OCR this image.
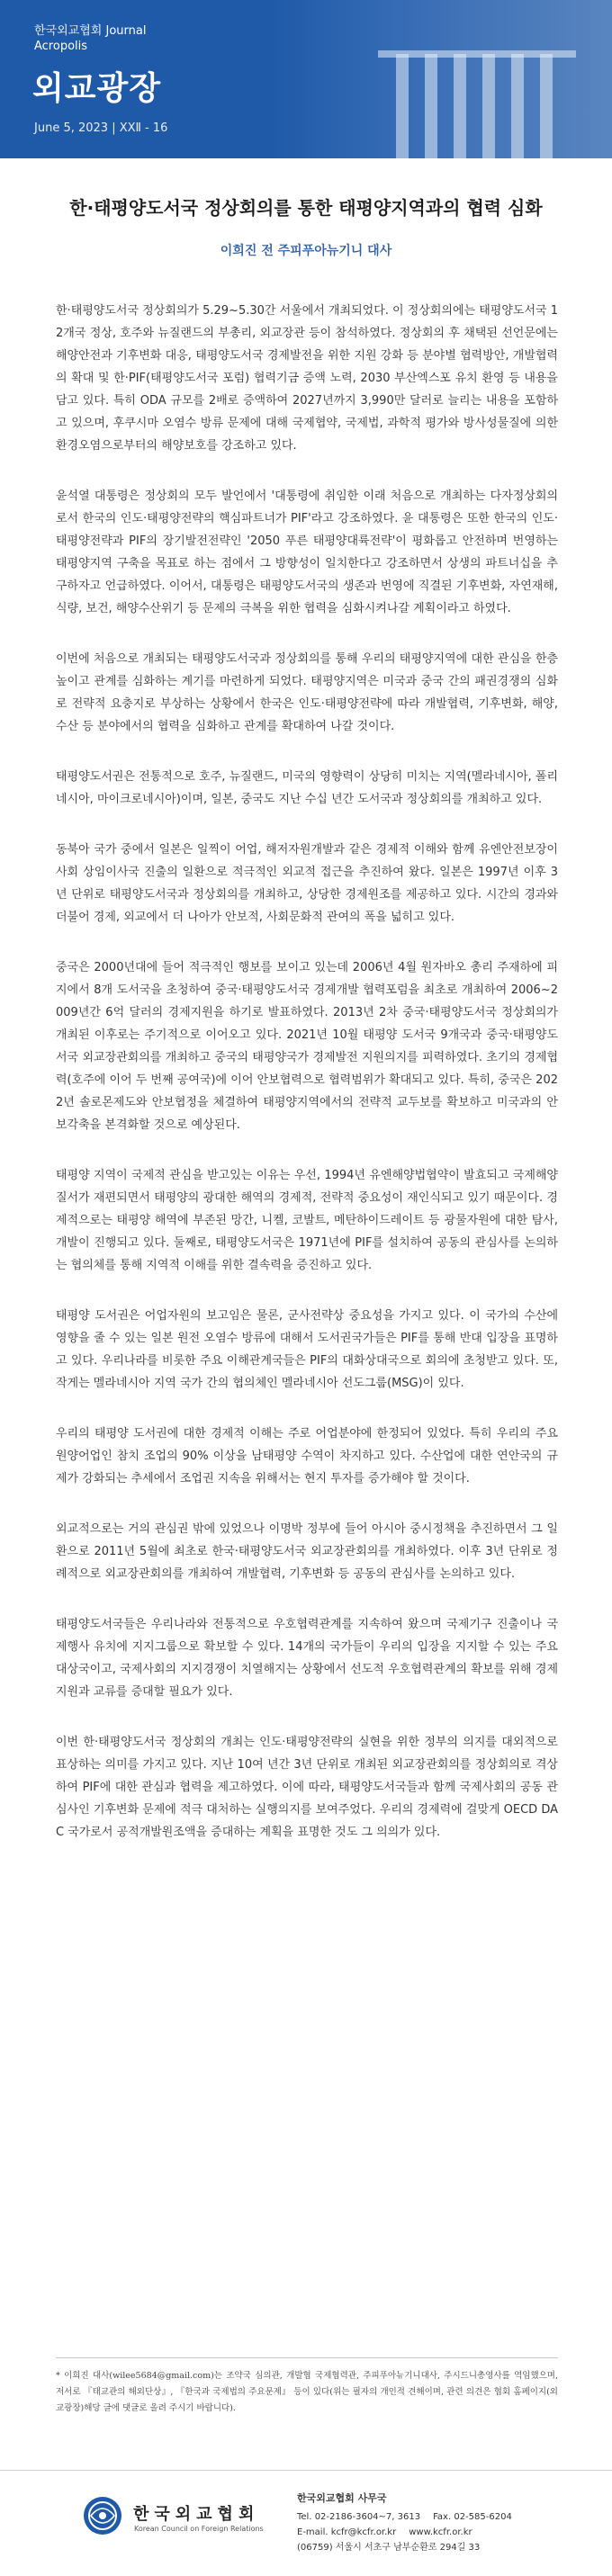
한국외교협회 Journal
Acropolis
외교광장
June 5, 2023 | XXⅡ - 16
한·태평양도서국 정상회의를 통한 태평양지역과의 협력 심화
이희진 전 주피푸아뉴기니 대사

한·태평양도서국 정상회의가 5.29~5.30간 서울에서 개최되었다. 이 정상회의에는 태평양도서국 12개국 정상, 호주와 뉴질랜드의 부총리, 외교장관 등이 참석하였다. 정상회의 후 채택된 선언문에는 해양안전과 기후변화 대응, 태평양도서국 경제발전을 위한 지원 강화 등 분야별 협력방안, 개발협력의 확대 및 한·PIF(태평양도서국 포럼) 협력기금 증액 노력, 2030 부산엑스포 유치 환영 등 내용을 담고 있다. 특히 ODA 규모를 2배로 증액하여 2027년까지 3,990만 달러로 늘리는 내용을 포함하고 있으며, 후쿠시마 오염수 방류 문제에 대해 국제협약, 국제법, 과학적 평가와 방사성물질에 의한 환경오염으로부터의 해양보호를 강조하고 있다.

윤석열 대통령은 정상회의 모두 발언에서 '대통령에 취임한 이래 처음으로 개최하는 다자정상회의로서 한국의 인도·태평양전략의 핵심파트너가 PIF'라고 강조하였다. 윤 대통령은 또한 한국의 인도·태평양전략과 PIF의 장기발전전략인 '2050 푸른 태평양대륙전략'이 평화롭고 안전하며 번영하는 태평양지역 구축을 목표로 하는 점에서 그 방향성이 일치한다고 강조하면서 상생의 파트너십을 추구하자고 언급하였다. 이어서, 대통령은 태평양도서국의 생존과 번영에 직결된 기후변화, 자연재해, 식량, 보건, 해양수산위기 등 문제의 극복을 위한 협력을 심화시켜나갈 계획이라고 하였다.

이번에 처음으로 개최되는 태평양도서국과 정상회의를 통해 우리의 태평양지역에 대한 관심을 한층 높이고 관계를 심화하는 계기를 마련하게 되었다. 태평양지역은 미국과 중국 간의 패권경쟁의 심화로 전략적 요충지로 부상하는 상황에서 한국은 인도·태평양전략에 따라 개발협력, 기후변화, 해양, 수산 등 분야에서의 협력을 심화하고 관계를 확대하여 나갈 것이다.

태평양도서권은 전통적으로 호주, 뉴질랜드, 미국의 영향력이 상당히 미치는 지역(멜라네시아, 폴리네시아, 마이크로네시아)이며, 일본, 중국도 지난 수십 년간 도서국과 정상회의를 개최하고 있다.

동북아 국가 중에서 일본은 일찍이 어업, 해저자원개발과 같은 경제적 이해와 함께 유엔안전보장이사회 상임이사국 진출의 일환으로 적극적인 외교적 접근을 추진하여 왔다. 일본은 1997년 이후 3년 단위로 태평양도서국과 정상회의를 개최하고, 상당한 경제원조를 제공하고 있다. 시간의 경과와 더불어 경제, 외교에서 더 나아가 안보적, 사회문화적 관여의 폭을 넓히고 있다.

중국은 2000년대에 들어 적극적인 행보를 보이고 있는데 2006년 4월 원자바오 총리 주재하에 피지에서 8개 도서국을 초청하여 중국·태평양도서국 경제개발 협력포럼을 최초로 개최하여 2006~2009년간 6억 달러의 경제지원을 하기로 발표하였다. 2013년 2차 중국·태평양도서국 정상회의가 개최된 이후로는 주기적으로 이어오고 있다. 2021년 10월 태평양 도서국 9개국과 중국·태평양도서국 외교장관회의를 개최하고 중국의 태평양국가 경제발전 지원의지를 피력하였다. 초기의 경제협력(호주에 이어 두 번째 공여국)에 이어 안보협력으로 협력범위가 확대되고 있다. 특히, 중국은 2022년 솔로몬제도와 안보협정을 체결하여 태평양지역에서의 전략적 교두보를 확보하고 미국과의 안보각축을 본격화할 것으로 예상된다.

태평양 지역이 국제적 관심을 받고있는 이유는 우선, 1994년 유엔해양법협약이 발효되고 국제해양질서가 재편되면서 태평양의 광대한 해역의 경제적, 전략적 중요성이 재인식되고 있기 때문이다. 경제적으로는 태평양 해역에 부존된 망간, 니켈, 코발트, 메탄하이드레이트 등 광물자원에 대한 탐사, 개발이 진행되고 있다. 둘째로, 태평양도서국은 1971년에 PIF를 설치하여 공동의 관심사를 논의하는 협의체를 통해 지역적 이해를 위한 결속력을 증진하고 있다.

태평양 도서권은 어업자원의 보고임은 물론, 군사전략상 중요성을 가지고 있다. 이 국가의 수산에 영향을 줄 수 있는 일본 원전 오염수 방류에 대해서 도서권국가들은 PIF를 통해 반대 입장을 표명하고 있다. 우리나라를 비롯한 주요 이해관계국들은 PIF의 대화상대국으로 회의에 초청받고 있다. 또, 작게는 멜라네시아 지역 국가 간의 협의체인 멜라네시아 선도그룹(MSG)이 있다.

우리의 태평양 도서권에 대한 경제적 이해는 주로 어업분야에 한정되어 있었다. 특히 우리의 주요 원양어업인 참치 조업의 90% 이상을 남태평양 수역이 차지하고 있다. 수산업에 대한 연안국의 규제가 강화되는 추세에서 조업권 지속을 위해서는 현지 투자를 증가해야 할 것이다.

외교적으로는 거의 관심권 밖에 있었으나 이명박 정부에 들어 아시아 중시정책을 추진하면서 그 일환으로 2011년 5월에 최초로 한국·태평양도서국 외교장관회의를 개최하였다. 이후 3년 단위로 정례적으로 외교장관회의를 개최하여 개발협력, 기후변화 등 공동의 관심사를 논의하고 있다.

태평양도서국들은 우리나라와 전통적으로 우호협력관계를 지속하여 왔으며 국제기구 진출이나 국제행사 유치에 지지그룹으로 확보할 수 있다. 14개의 국가들이 우리의 입장을 지지할 수 있는 주요 대상국이고, 국제사회의 지지경쟁이 치열해지는 상황에서 선도적 우호협력관계의 확보를 위해 경제지원과 교류를 증대할 필요가 있다.

이번 한·태평양도서국 정상회의 개최는 인도·태평양전략의 실현을 위한 정부의 의지를 대외적으로 표상하는 의미를 가지고 있다. 지난 10여 년간 3년 단위로 개최된 외교장관회의를 정상회의로 격상하여 PIF에 대한 관심과 협력을 제고하였다. 이에 따라, 태평양도서국들과 함께 국제사회의 공동 관심사인 기후변화 문제에 적극 대처하는 실행의지를 보여주었다. 우리의 경제력에 걸맞게 OECD DAC 국가로서 공적개발원조액을 증대하는 계획을 표명한 것도 그 의의가 있다.

* 이희진 대사(wilee5684@gmail.com)는 조약국 심의관, 개발협 국제협력관, 주피푸아뉴기니대사, 주시드니총영사를 역임했으며, 저서로 『태교관의 해외단상』, 『한국과 국제법의 주요문제』 등이 있다(위는 필자의 개인적 견해이며, 관련 의견은 협회 홈페이지(외교광장)해당 글에 댓글로 올려 주시기 바랍니다).

한국외교협회
Korean Council on Foreign Relations
한국외교협회 사무국
Tel. 02-2186-3604~7, 3613 Fax. 02-585-6204
E-mail. kcfr@kcfr.or.kr www.kcfr.or.kr
(06759) 서울시 서초구 남부순환로 294길 33
